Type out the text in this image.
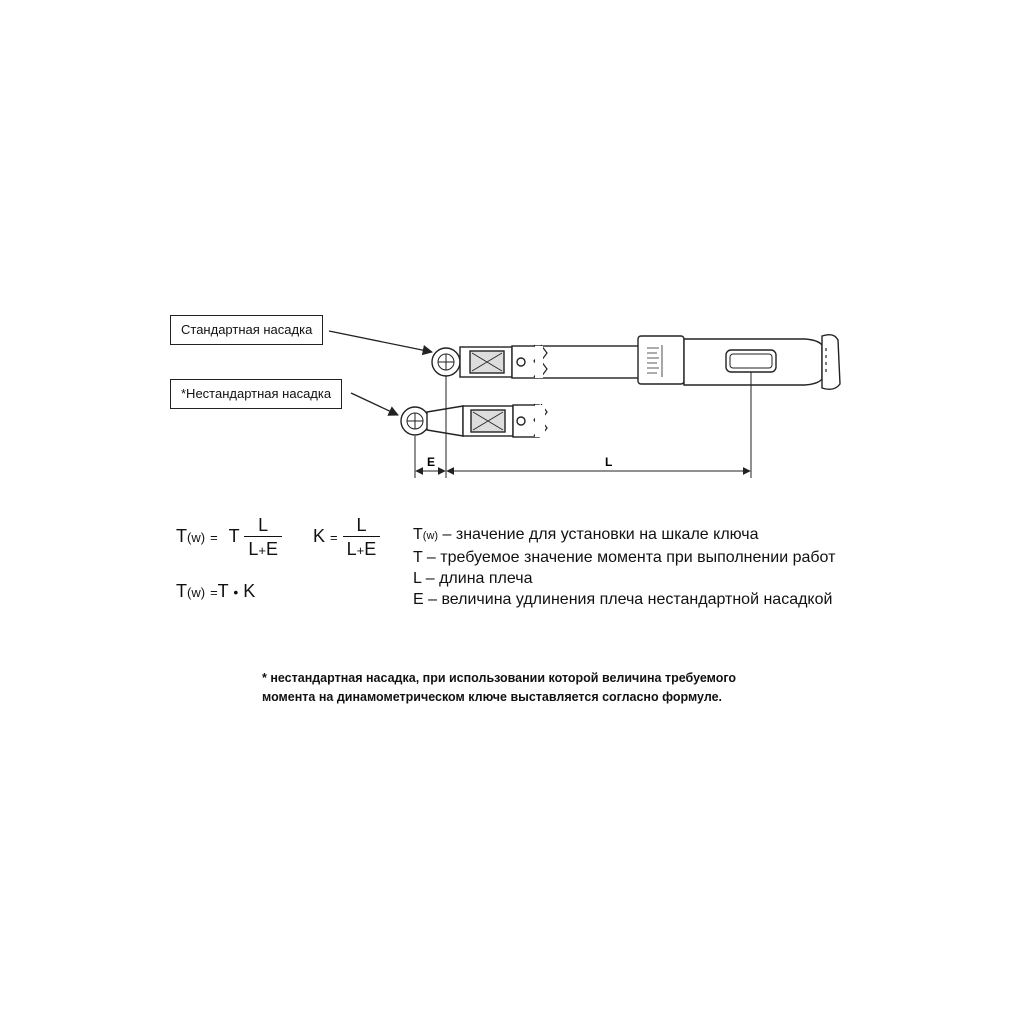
E	L
Стандартная насадка
*Нестандартная насадка
T(w) = T $\frac{L}{L+E}$ $K = \frac{L}{L+E}$
T(w) =T • K
T(w) – значение для установки на шкале ключа
T – требуемое значение момента при выполнении работ
L – длина плеча
E – величина удлинения плеча нестандартной насадкой
* нестандартная насадка, при использовании которой величина требуемого
момента на динамометрическом ключе выставляется согласно формуле.
